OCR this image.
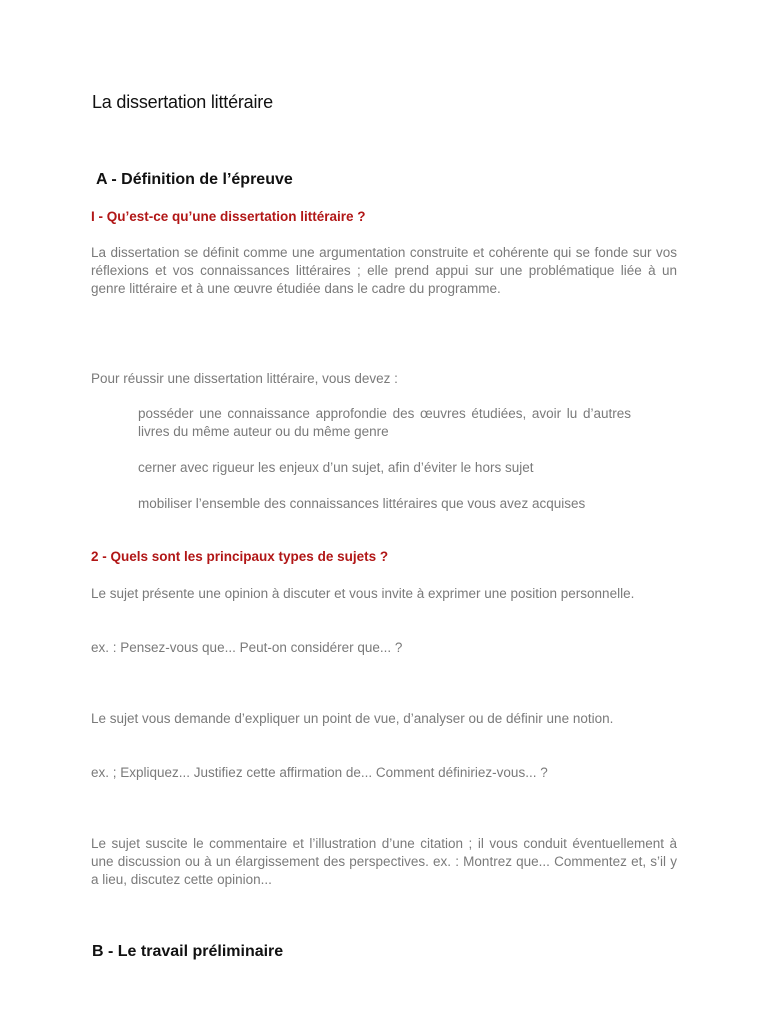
La dissertation littéraire
A - Définition de l’épreuve
I - Qu’est-ce qu’une dissertation littéraire ?

La dissertation se définit comme une argumentation construite et cohérente qui se fonde sur vos réflexions et vos connaissances littéraires ; elle prend appui sur une problématique liée à un genre littéraire et à une œuvre étudiée dans le cadre du programme.

Pour réussir une dissertation littéraire, vous devez :

posséder une connaissance approfondie des œuvres étudiées, avoir lu d’autres livres du même auteur ou du même genre

cerner avec rigueur les enjeux d’un sujet, afin d’éviter le hors sujet

mobiliser l’ensemble des connaissances littéraires que vous avez acquises

2 - Quels sont les principaux types de sujets ?

Le sujet présente une opinion à discuter et vous invite à exprimer une position personnelle.

ex. : Pensez-vous que... Peut-on considérer que... ?

Le sujet vous demande d’expliquer un point de vue, d’analyser ou de définir une notion.

ex. ; Expliquez... Justifiez cette affirmation de... Comment définiriez-vous... ?

Le sujet suscite le commentaire et l’illustration d’une citation ; il vous conduit éventuellement à une discussion ou à un élargissement des perspectives. ex. : Montrez que... Commentez et, s’il y a lieu, discutez cette opinion...

B - Le travail préliminaire
